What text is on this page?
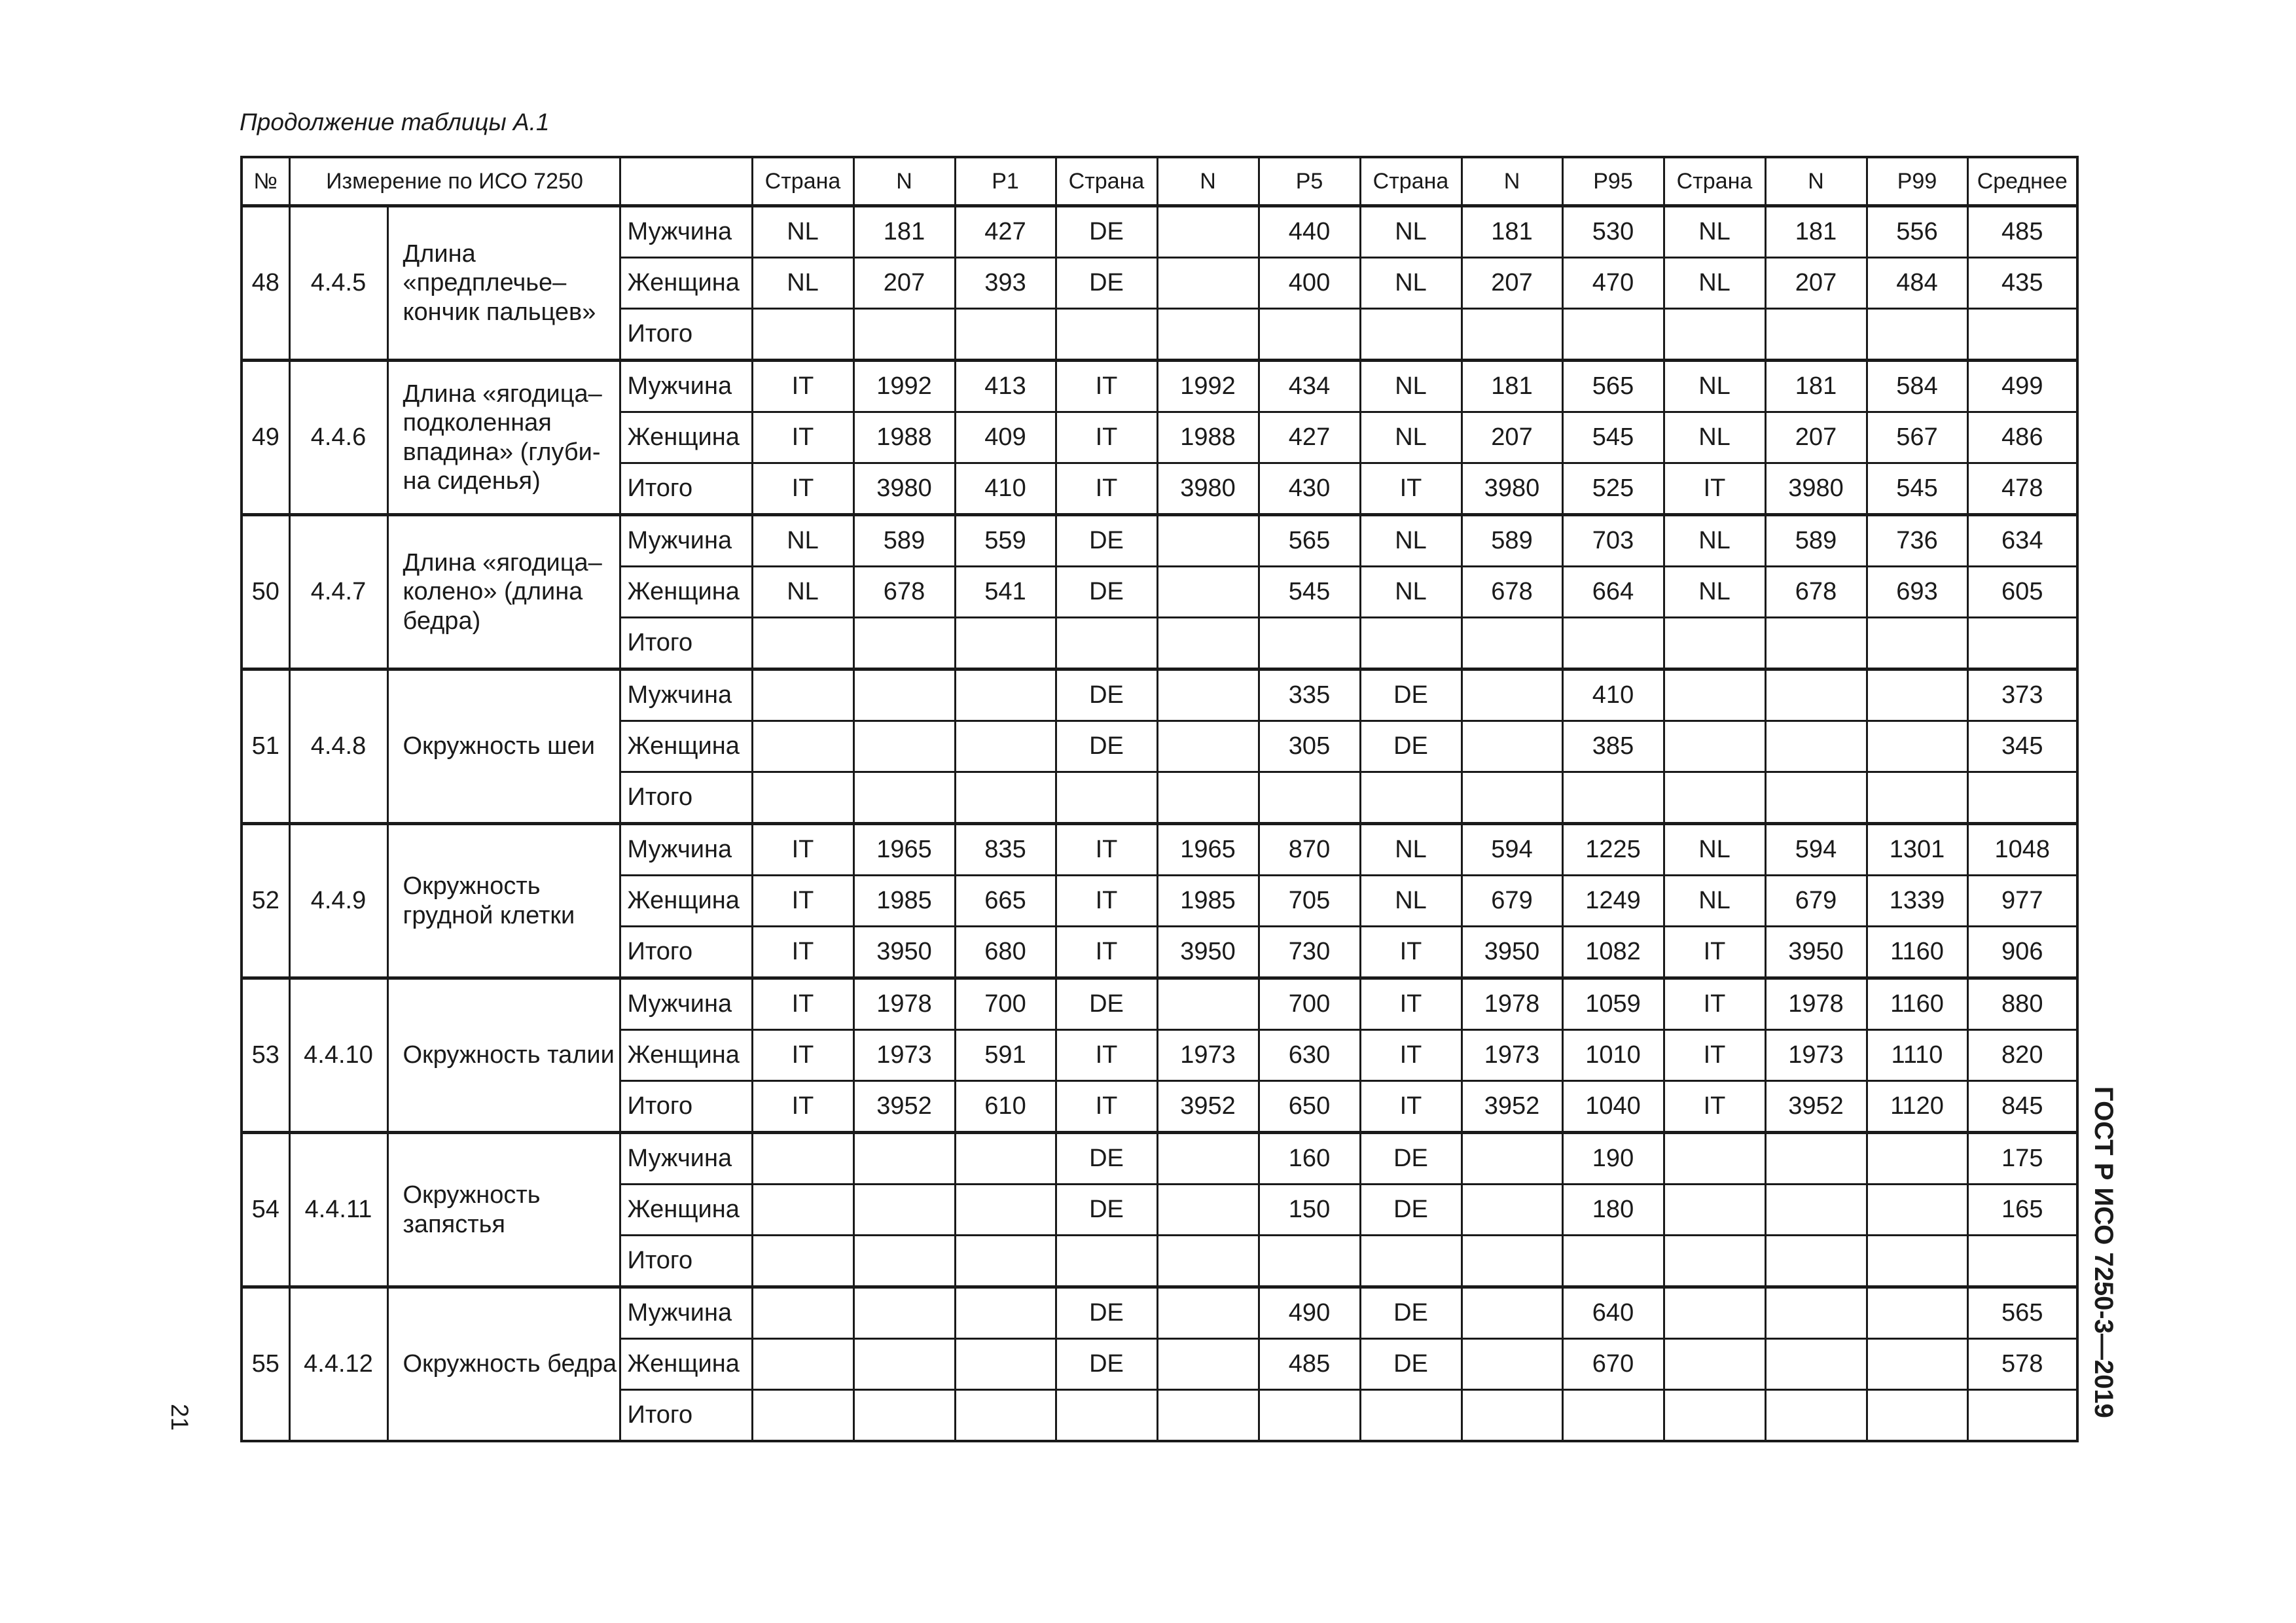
Продолжение таблицы А.1
№	Измерение по ИСО 7250			Страна	N	P1	Страна	N	P5	Страна	N	P95	Страна	N	P99	Среднее
48	4.4.5	Длина «предплечье–кончик пальцев»	Мужчина	NL	181	427	DE		440	NL	181	530	NL	181	556	485
			Женщина	NL	207	393	DE		400	NL	207	470	NL	207	484	435
			Итого													
49	4.4.6	Длина «ягодица–подколенная впадина» (глуби-на сиденья)	Мужчина	IT	1992	413	IT	1992	434	NL	181	565	NL	181	584	499
			Женщина	IT	1988	409	IT	1988	427	NL	207	545	NL	207	567	486
			Итого	IT	3980	410	IT	3980	430	IT	3980	525	IT	3980	545	478
50	4.4.7	Длина «ягодица–колено» (длина бедра)	Мужчина	NL	589	559	DE		565	NL	589	703	NL	589	736	634
			Женщина	NL	678	541	DE		545	NL	678	664	NL	678	693	605
			Итого													
51	4.4.8	Окружность шеи	Мужчина				DE		335	DE		410				373
			Женщина				DE		305	DE		385				345
			Итого													
52	4.4.9	Окружность грудной клетки	Мужчина	IT	1965	835	IT	1965	870	NL	594	1225	NL	594	1301	1048
			Женщина	IT	1985	665	IT	1985	705	NL	679	1249	NL	679	1339	977
			Итого	IT	3950	680	IT	3950	730	IT	3950	1082	IT	3950	1160	906
53	4.4.10	Окружность талии	Мужчина	IT	1978	700	DE		700	IT	1978	1059	IT	1978	1160	880
			Женщина	IT	1973	591	IT	1973	630	IT	1973	1010	IT	1973	1110	820
			Итого	IT	3952	610	IT	3952	650	IT	3952	1040	IT	3952	1120	845
54	4.4.11	Окружность запястья	Мужчина				DE		160	DE		190				175
			Женщина				DE		150	DE		180				165
			Итого													
55	4.4.12	Окружность бедра	Мужчина				DE		490	DE		640				565
			Женщина				DE		485	DE		670				578
			Итого														ГОСТ Р ИСО 7250-3—2019
21
